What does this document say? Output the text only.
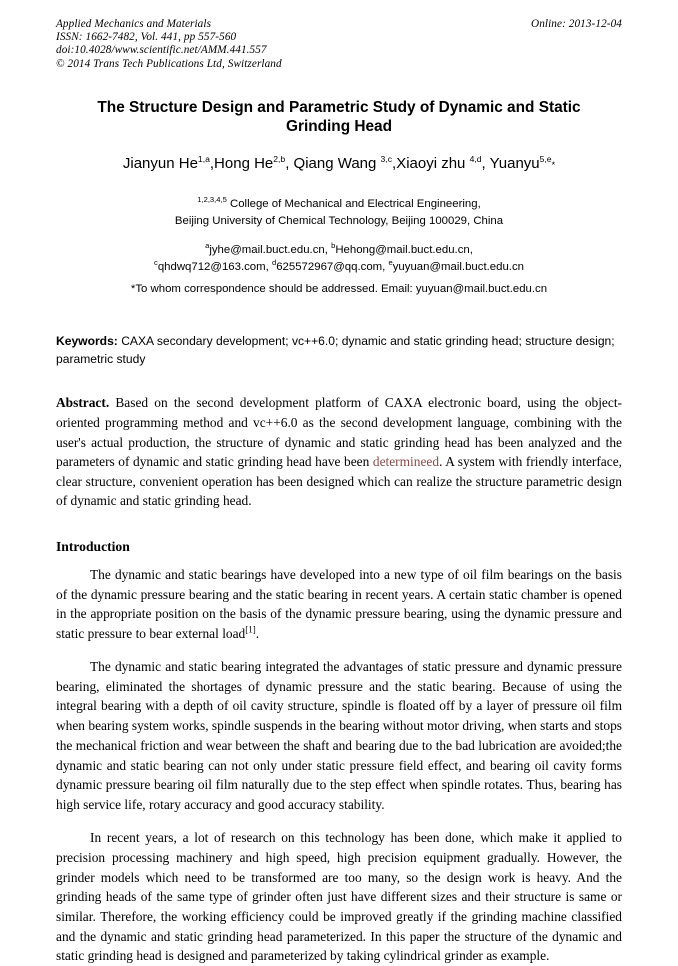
Applied Mechanics and Materials
ISSN: 1662-7482, Vol. 441, pp 557-560
doi:10.4028/www.scientific.net/AMM.441.557
© 2014 Trans Tech Publications Ltd, Switzerland
Online: 2013-12-04
The Structure Design and Parametric Study of Dynamic and Static Grinding Head
Jianyun He$^{1,a}$,Hong He$^{2,b}$, Qiang Wang $^{3,c}$,Xiaoyi zhu $^{4,d}$, Yuanyu$^{5,e}$*
$^{1,2,3,4,5}$ College of Mechanical and Electrical Engineering,
Beijing University of Chemical Technology, Beijing 100029, China
$^a$jyhe@mail.buct.edu.cn, $^b$Hehong@mail.buct.edu.cn,
$^c$qhdwq712@163.com, $^d$625572967@qq.com, $^e$yuyuan@mail.buct.edu.cn
*To whom correspondence should be addressed. Email: yuyuan@mail.buct.edu.cn
Keywords: CAXA secondary development; vc++6.0; dynamic and static grinding head; structure design; parametric study
Abstract. Based on the second development platform of CAXA electronic board, using the object-oriented programming method and vc++6.0 as the second development language, combining with the user's actual production, the structure of dynamic and static grinding head has been analyzed and the parameters of dynamic and static grinding head have been determineed. A system with friendly interface, clear structure, convenient operation has been designed which can realize the structure parametric design of dynamic and static grinding head.
Introduction

The dynamic and static bearings have developed into a new type of oil film bearings on the basis of the dynamic pressure bearing and the static bearing in recent years. A certain static chamber is opened in the appropriate position on the basis of the dynamic pressure bearing, using the dynamic pressure and static pressure to bear external load[1].

The dynamic and static bearing integrated the advantages of static pressure and dynamic pressure bearing, eliminated the shortages of dynamic pressure and the static bearing. Because of using the integral bearing with a depth of oil cavity structure, spindle is floated off by a layer of pressure oil film when bearing system works, spindle suspends in the bearing without motor driving, when starts and stops the mechanical friction and wear between the shaft and bearing due to the bad lubrication are avoided;the dynamic and static bearing can not only under static pressure field effect, and bearing oil cavity forms dynamic pressure bearing oil film naturally due to the step effect when spindle rotates. Thus, bearing has high service life, rotary accuracy and good accuracy stability.

In recent years, a lot of research on this technology has been done, which make it applied to precision processing machinery and high speed, high precision equipment gradually. However, the grinder models which need to be transformed are too many, so the design work is heavy. And the grinding heads of the same type of grinder often just have different sizes and their structure is same or similar. Therefore, the working efficiency could be improved greatly if the grinding machine classified and the dynamic and static grinding head parameterized. In this paper the structure of the dynamic and static grinding head is designed and parameterized by taking cylindrical grinder as example.
